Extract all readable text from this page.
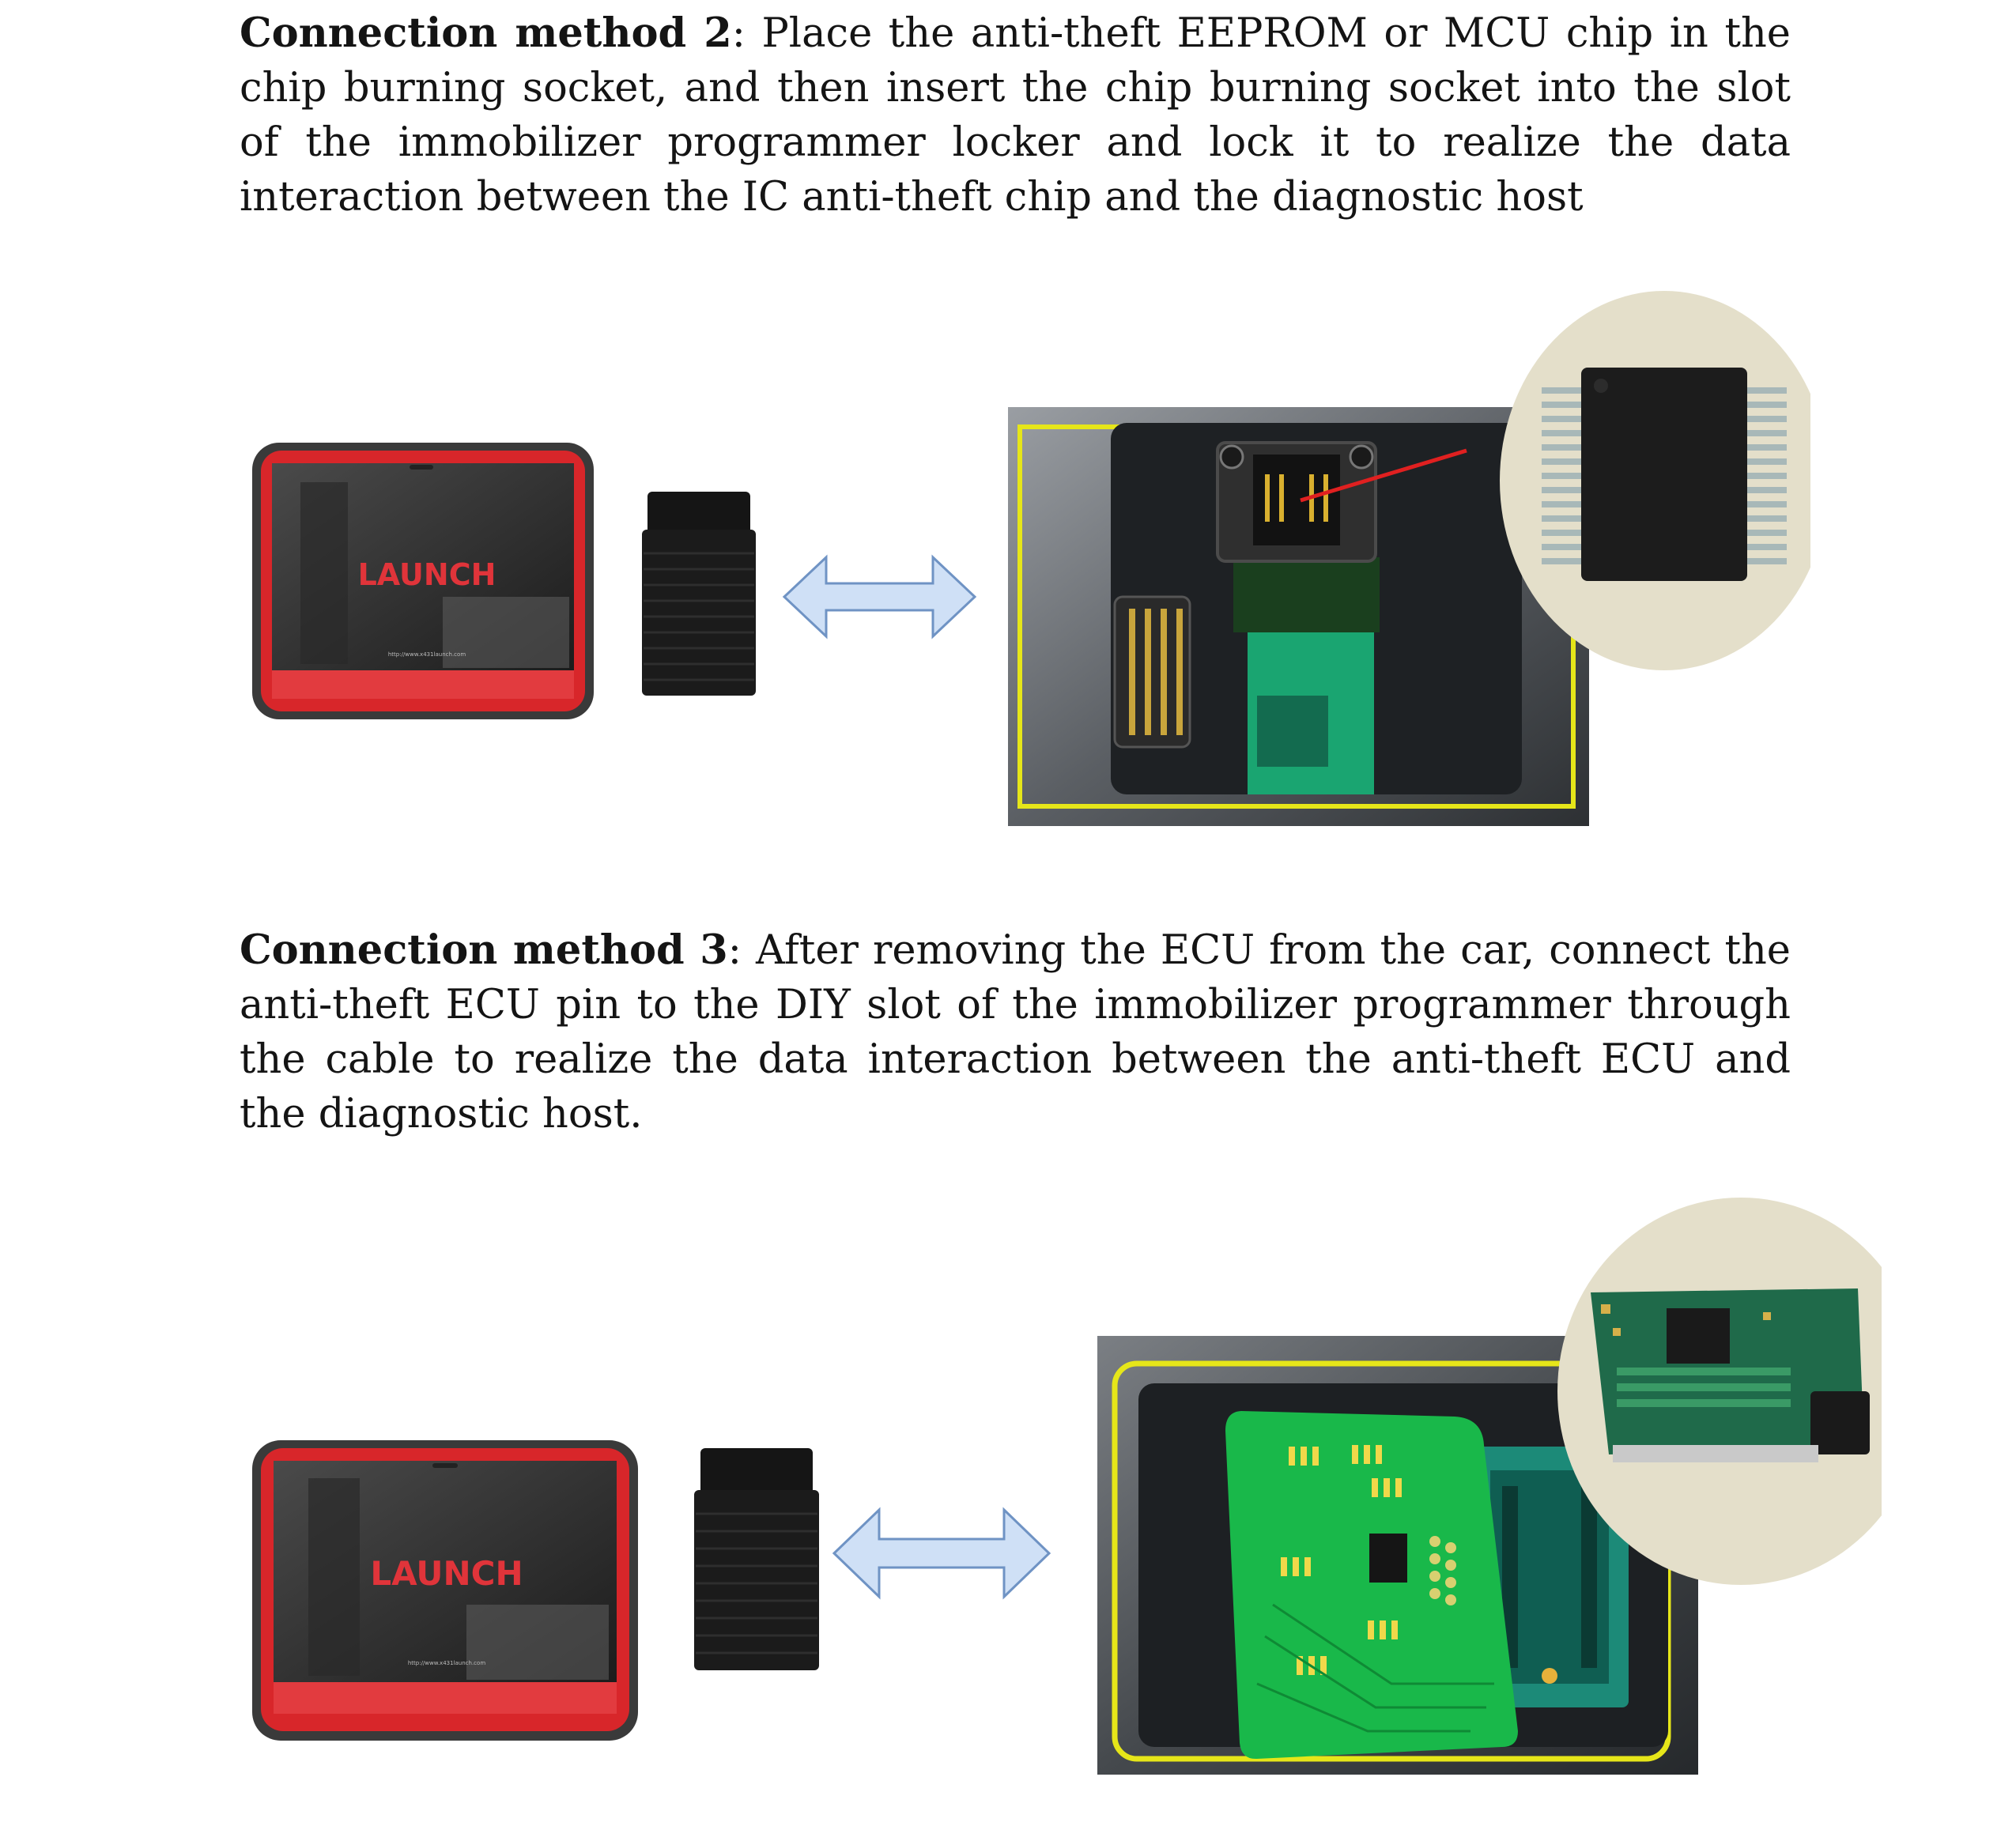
Connection method 2: Place the anti-theft EEPROM or MCU chip in the chip burning socket, and then insert the chip burning socket into the slot of the immobilizer programmer locker and lock it to realize the data interaction between the IC anti-theft chip and the diagnostic host
LAUNCH
http://www.x431launch.com
Connection method 3: After removing the ECU from the car, connect the anti-theft ECU pin to the DIY slot of the immobilizer programmer through the cable to realize the data interaction between the anti-theft ECU and the diagnostic host.
LAUNCH
http://www.x431launch.com
